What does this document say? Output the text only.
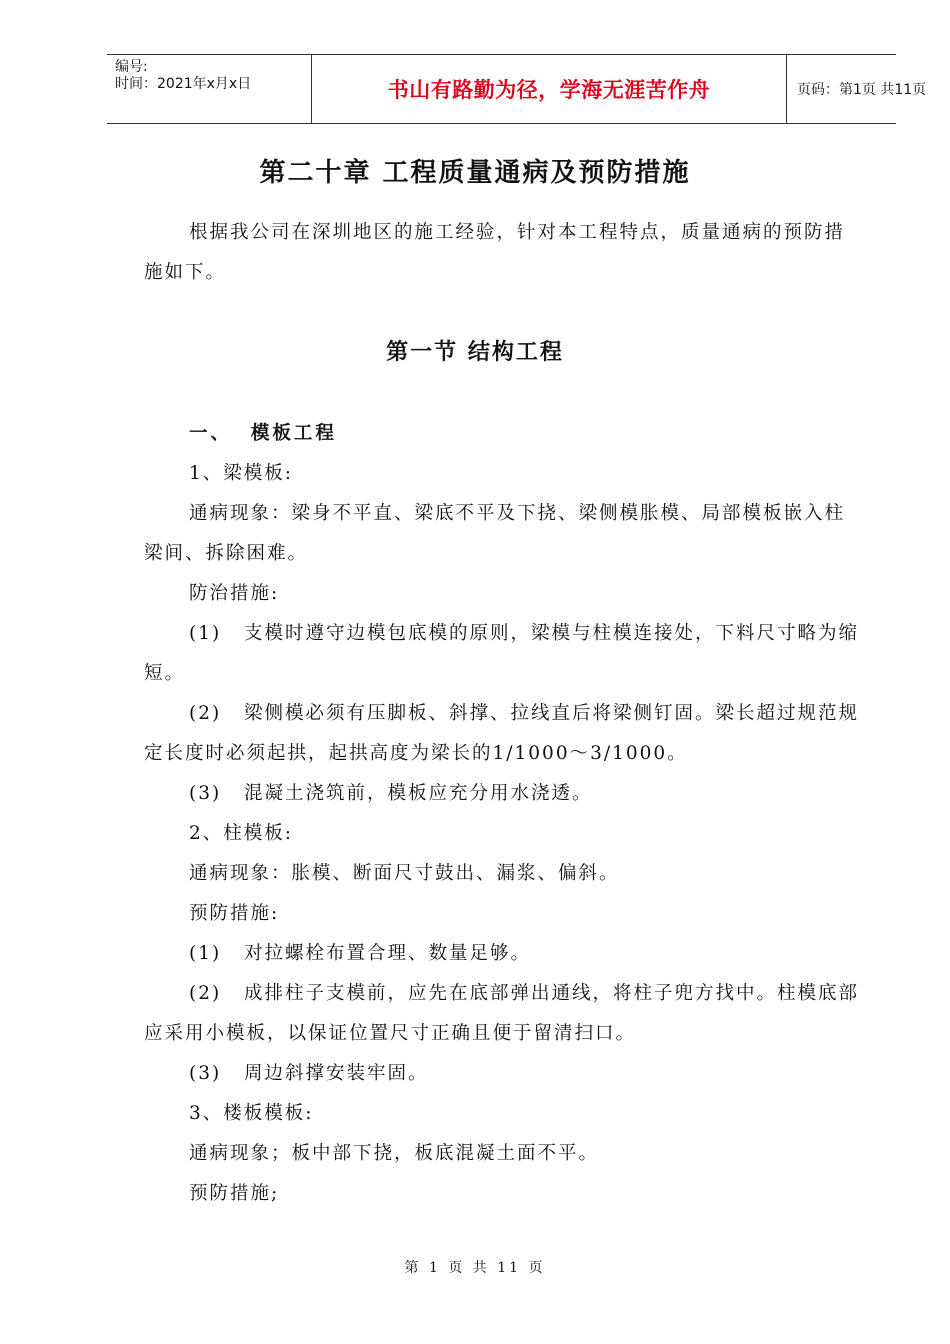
编号:
时间：2021年x月x日	书山有路勤为径，学海无涯苦作舟	页码：第1页 共11页
第二十章 工程质量通病及预防措施

根据我公司在深圳地区的施工经验，针对本工程特点，质量通病的预防措施如下。

第一节 结构工程

一、 模板工程

1、梁模板:

通病现象：梁身不平直、梁底不平及下挠、梁侧模胀模、局部模板嵌入柱梁间、拆除困难。

防治措施:

(1) 支模时遵守边模包底模的原则，梁模与柱模连接处，下料尺寸略为缩短。

(2) 梁侧模必须有压脚板、斜撑、拉线直后将梁侧钉固。梁长超过规范规定长度时必须起拱，起拱高度为梁长的1/1000～3/1000。

(3) 混凝土浇筑前，模板应充分用水浇透。

2、柱模板:

通病现象：胀模、断面尺寸鼓出、漏浆、偏斜。

预防措施:

(1) 对拉螺栓布置合理、数量足够。

(2) 成排柱子支模前，应先在底部弹出通线，将柱子兜方找中。柱模底部应采用小模板，以保证位置尺寸正确且便于留清扫口。

(3) 周边斜撑安装牢固。

3、楼板模板:

通病现象；板中部下挠，板底混凝土面不平。

预防措施;

第 1 页 共 11 页
